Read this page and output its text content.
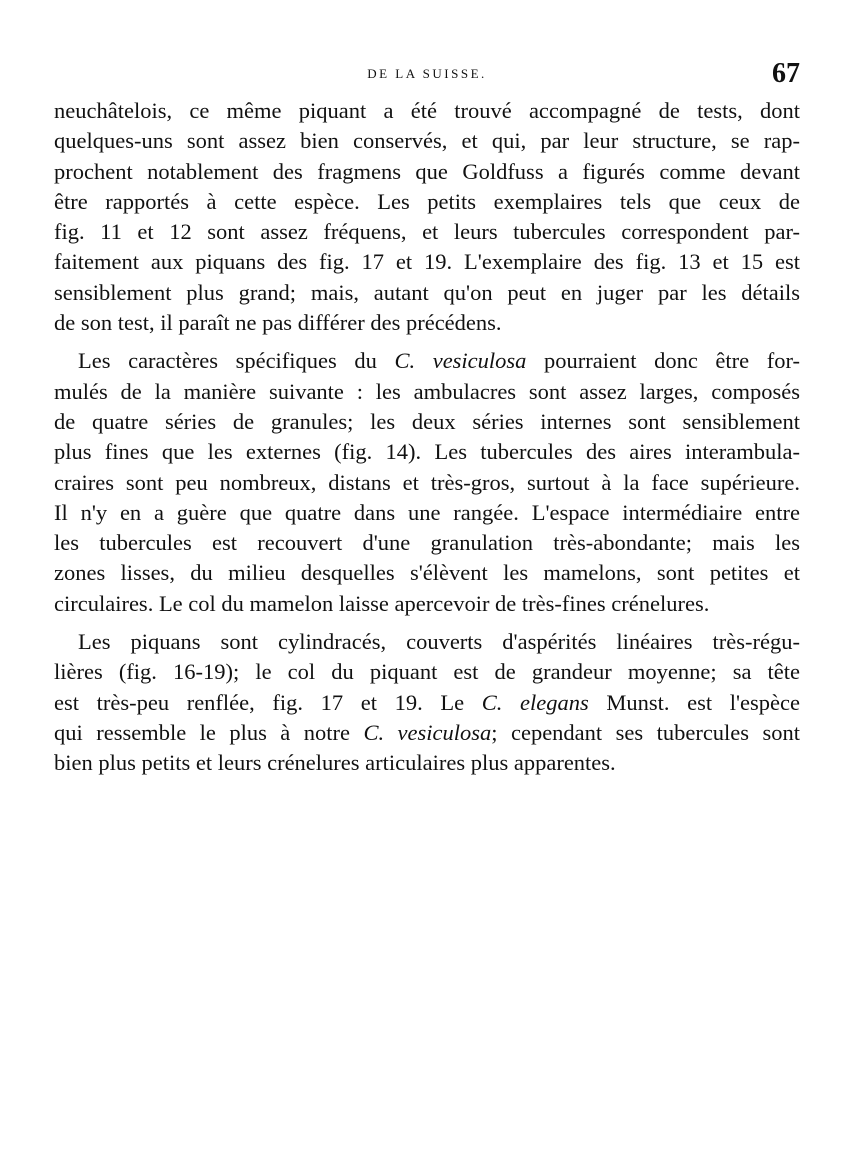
DE LA SUISSE.	67
neuchâtelois, ce même piquant a été trouvé accompagné de tests, dont
quelques-uns sont assez bien conservés, et qui, par leur structure, se rap-
prochent notablement des fragmens que Goldfuss a figurés comme devant
être rapportés à cette espèce. Les petits exemplaires tels que ceux de
fig. 11 et 12 sont assez fréquens, et leurs tubercules correspondent par-
faitement aux piquans des fig. 17 et 19. L'exemplaire des fig. 13 et 15 est
sensiblement plus grand; mais, autant qu'on peut en juger par les détails
de son test, il paraît ne pas différer des précédens.
Les caractères spécifiques du C. vesiculosa pourraient donc être for-
mulés de la manière suivante : les ambulacres sont assez larges, composés
de quatre séries de granules; les deux séries internes sont sensiblement
plus fines que les externes (fig. 14). Les tubercules des aires interambula-
craires sont peu nombreux, distans et très-gros, surtout à la face supérieure.
Il n'y en a guère que quatre dans une rangée. L'espace intermédiaire entre
les tubercules est recouvert d'une granulation très-abondante; mais les
zones lisses, du milieu desquelles s'élèvent les mamelons, sont petites et
circulaires. Le col du mamelon laisse apercevoir de très-fines crénelures.
Les piquans sont cylindracés, couverts d'aspérités linéaires très-régu-
lières (fig. 16-19); le col du piquant est de grandeur moyenne; sa tête
est très-peu renflée, fig. 17 et 19. Le C. elegans Munst. est l'espèce
qui ressemble le plus à notre C. vesiculosa; cependant ses tubercules sont
bien plus petits et leurs crénelures articulaires plus apparentes.
